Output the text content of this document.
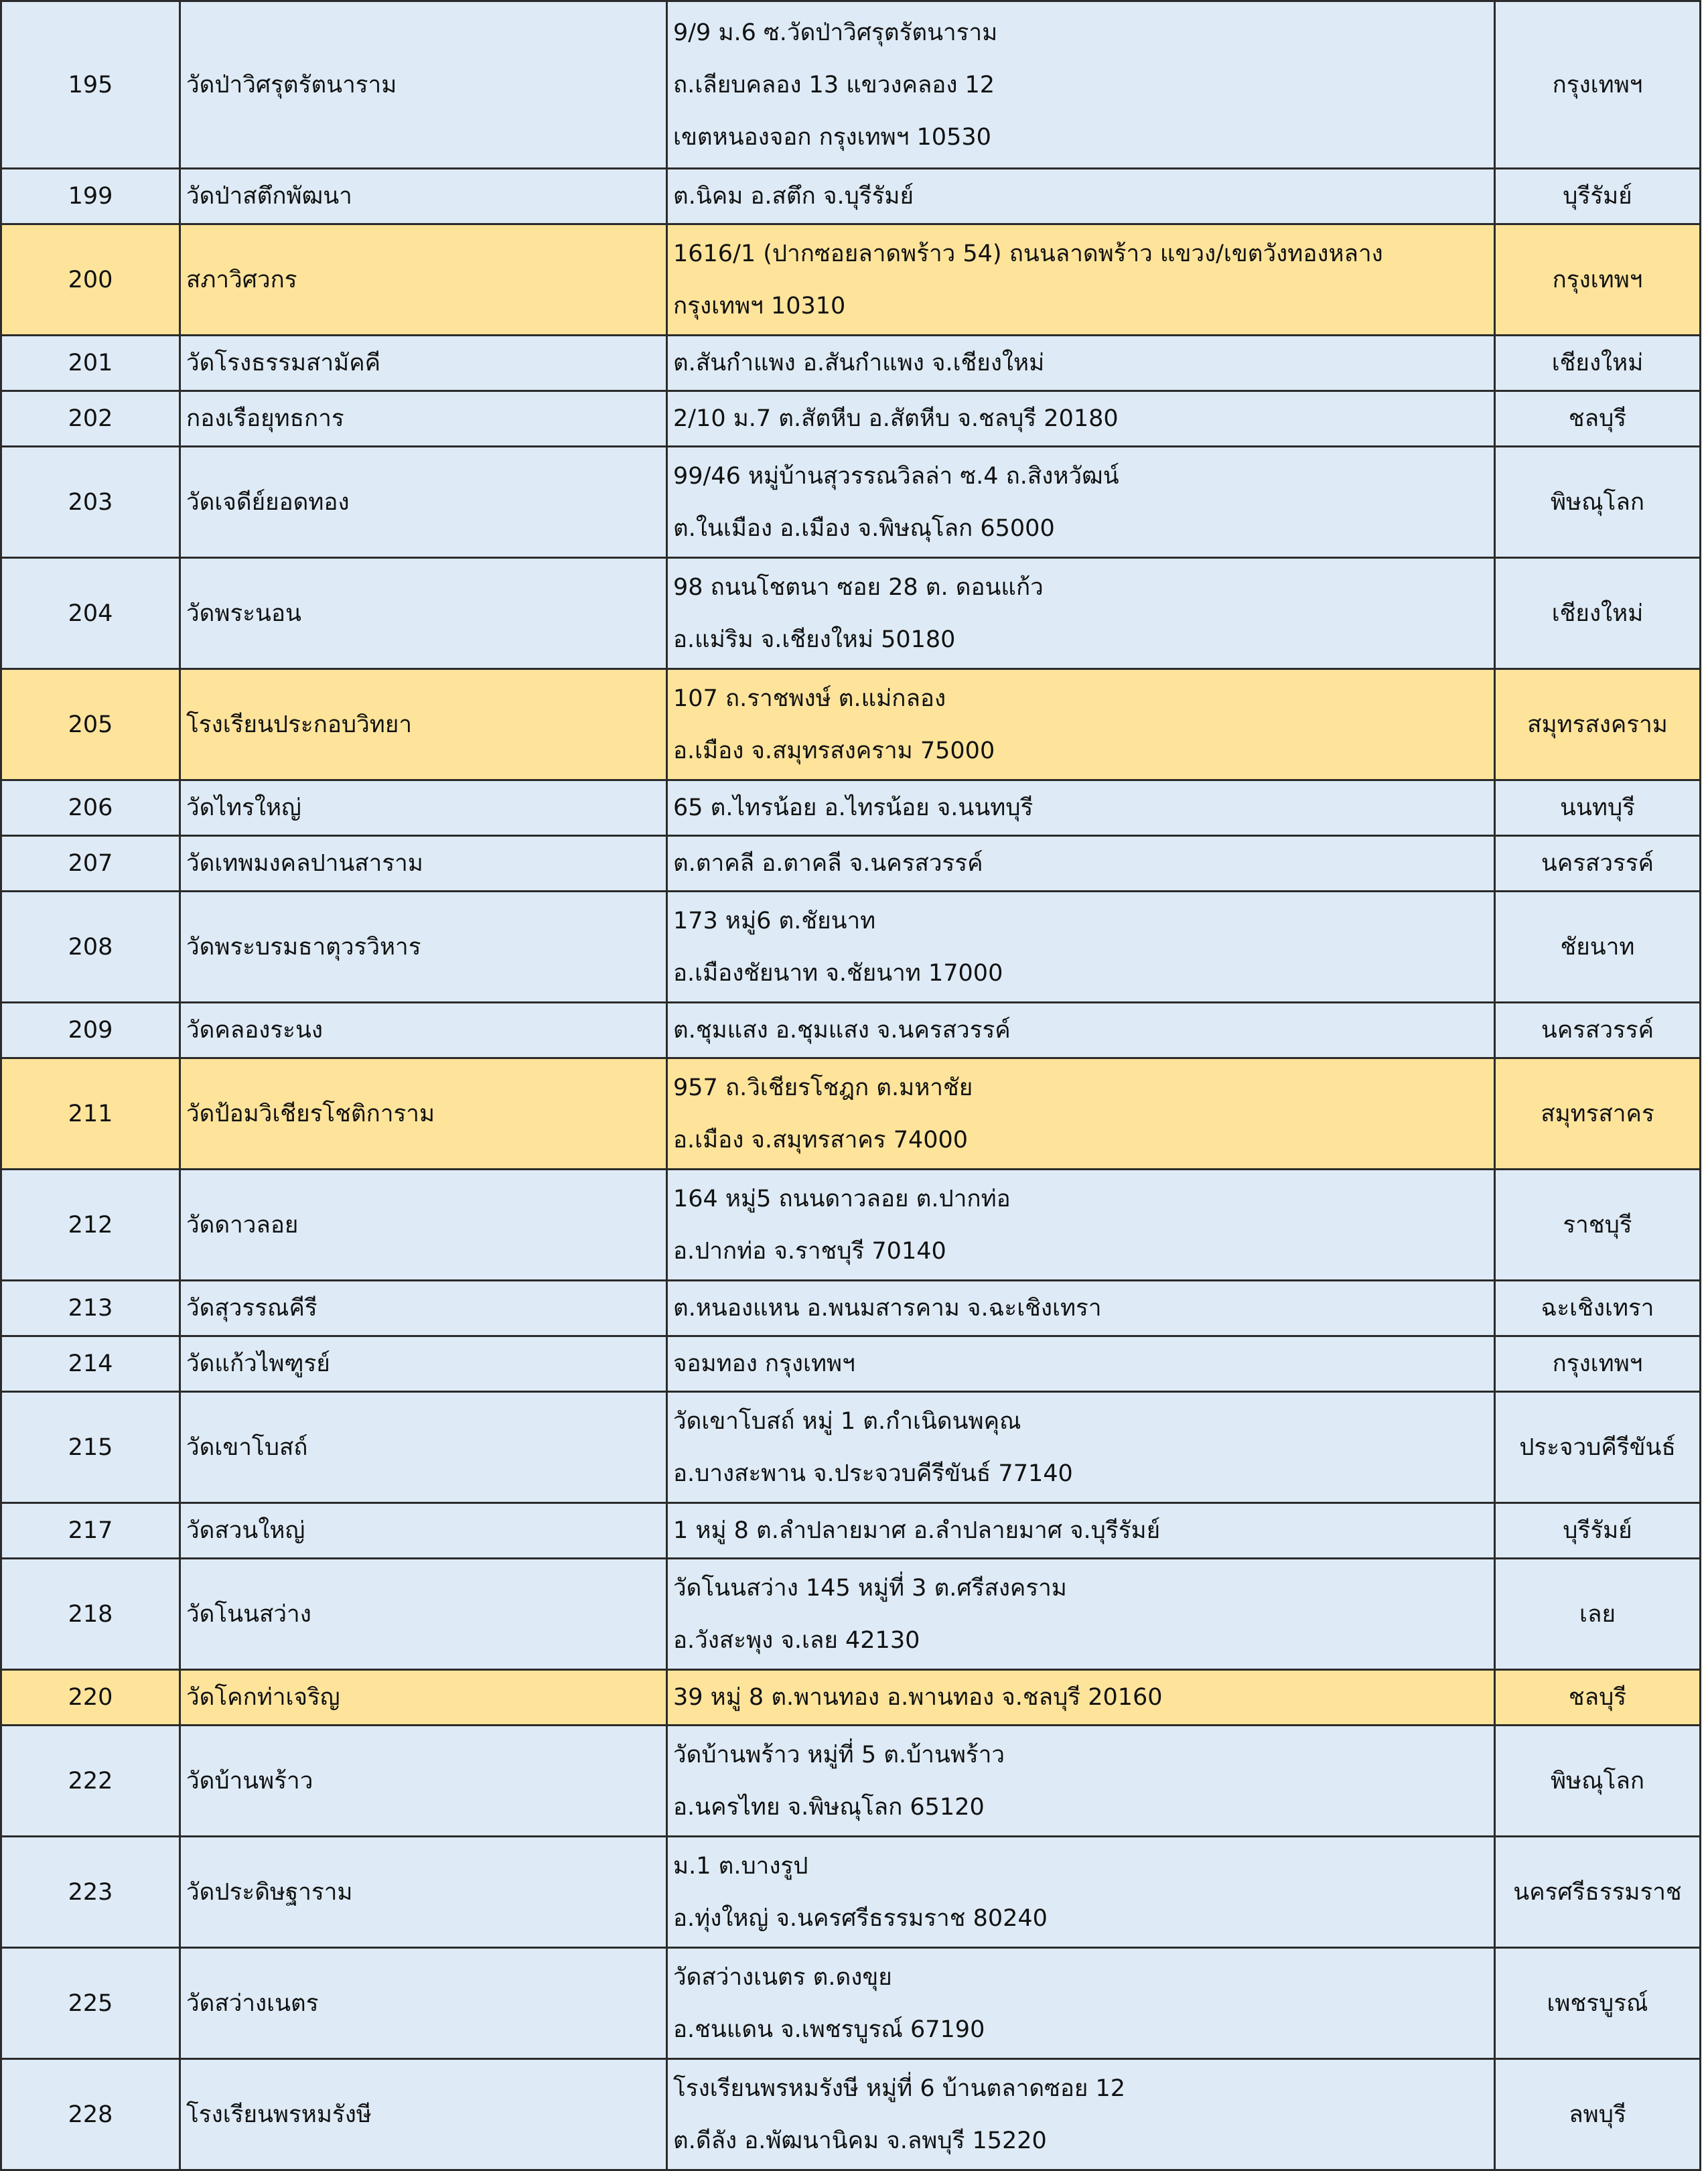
195	วัดป่าวิศรุตรัตนาราม	9/9 ม.6 ซ.วัดป่าวิศรุตรัตนาราม
ถ.เลียบคลอง 13 แขวงคลอง 12
เขตหนองจอก กรุงเทพฯ 10530	กรุงเทพฯ
199	วัดป่าสตึกพัฒนา	ต.นิคม อ.สตึก จ.บุรีรัมย์	บุรีรัมย์
200	สภาวิศวกร	1616/1 (ปากซอยลาดพร้าว 54) ถนนลาดพร้าว แขวง/เขตวังทองหลาง
กรุงเทพฯ 10310	กรุงเทพฯ
201	วัดโรงธรรมสามัคคี	ต.สันกำแพง อ.สันกำแพง จ.เชียงใหม่	เชียงใหม่
202	กองเรือยุทธการ	2/10 ม.7 ต.สัตหีบ อ.สัตหีบ จ.ชลบุรี 20180	ชลบุรี
203	วัดเจดีย์ยอดทอง	99/46 หมู่บ้านสุวรรณวิลล่า ซ.4 ถ.สิงหวัฒน์
ต.ในเมือง อ.เมือง จ.พิษณุโลก 65000	พิษณุโลก
204	วัดพระนอน	98 ถนนโชตนา ซอย 28 ต. ดอนแก้ว
อ.แม่ริม จ.เชียงใหม่ 50180	เชียงใหม่
205	โรงเรียนประกอบวิทยา	107 ถ.ราชพงษ์ ต.แม่กลอง
อ.เมือง จ.สมุทรสงคราม 75000	สมุทรสงคราม
206	วัดไทรใหญ่	65 ต.ไทรน้อย อ.ไทรน้อย จ.นนทบุรี	นนทบุรี
207	วัดเทพมงคลปานสาราม	ต.ตาคลี อ.ตาคลี จ.นครสวรรค์	นครสวรรค์
208	วัดพระบรมธาตุวรวิหาร	173 หมู่6 ต.ชัยนาท
อ.เมืองชัยนาท จ.ชัยนาท 17000	ชัยนาท
209	วัดคลองระนง	ต.ชุมแสง อ.ชุมแสง จ.นครสวรรค์	นครสวรรค์
211	วัดป้อมวิเชียรโชติการาม	957 ถ.วิเชียรโชฎก ต.มหาชัย
อ.เมือง จ.สมุทรสาคร 74000	สมุทรสาคร
212	วัดดาวลอย	164 หมู่5 ถนนดาวลอย ต.ปากท่อ
อ.ปากท่อ จ.ราชบุรี 70140	ราชบุรี
213	วัดสุวรรณคีรี	ต.หนองแหน อ.พนมสารคาม จ.ฉะเชิงเทรา	ฉะเชิงเทรา
214	วัดแก้วไพฑูรย์	จอมทอง กรุงเทพฯ	กรุงเทพฯ
215	วัดเขาโบสถ์	วัดเขาโบสถ์ หมู่ 1 ต.กำเนิดนพคุณ
อ.บางสะพาน จ.ประจวบคีรีขันธ์ 77140	ประจวบคีรีขันธ์
217	วัดสวนใหญ่	1 หมู่ 8 ต.ลำปลายมาศ อ.ลำปลายมาศ จ.บุรีรัมย์	บุรีรัมย์
218	วัดโนนสว่าง	วัดโนนสว่าง 145 หมู่ที่ 3 ต.ศรีสงคราม
อ.วังสะพุง จ.เลย 42130	เลย
220	วัดโคกท่าเจริญ	39 หมู่ 8 ต.พานทอง อ.พานทอง จ.ชลบุรี 20160	ชลบุรี
222	วัดบ้านพร้าว	วัดบ้านพร้าว หมู่ที่ 5 ต.บ้านพร้าว
อ.นครไทย จ.พิษณุโลก 65120	พิษณุโลก
223	วัดประดิษฐาราม	ม.1 ต.บางรูป
อ.ทุ่งใหญ่ จ.นครศรีธรรมราช 80240	นครศรีธรรมราช
225	วัดสว่างเนตร	วัดสว่างเนตร ต.ดงขุย
อ.ชนแดน จ.เพชรบูรณ์ 67190	เพชรบูรณ์
228	โรงเรียนพรหมรังษี	โรงเรียนพรหมรังษี หมู่ที่ 6 บ้านตลาดซอย 12
ต.ดีลัง อ.พัฒนานิคม จ.ลพบุรี 15220	ลพบุรี
